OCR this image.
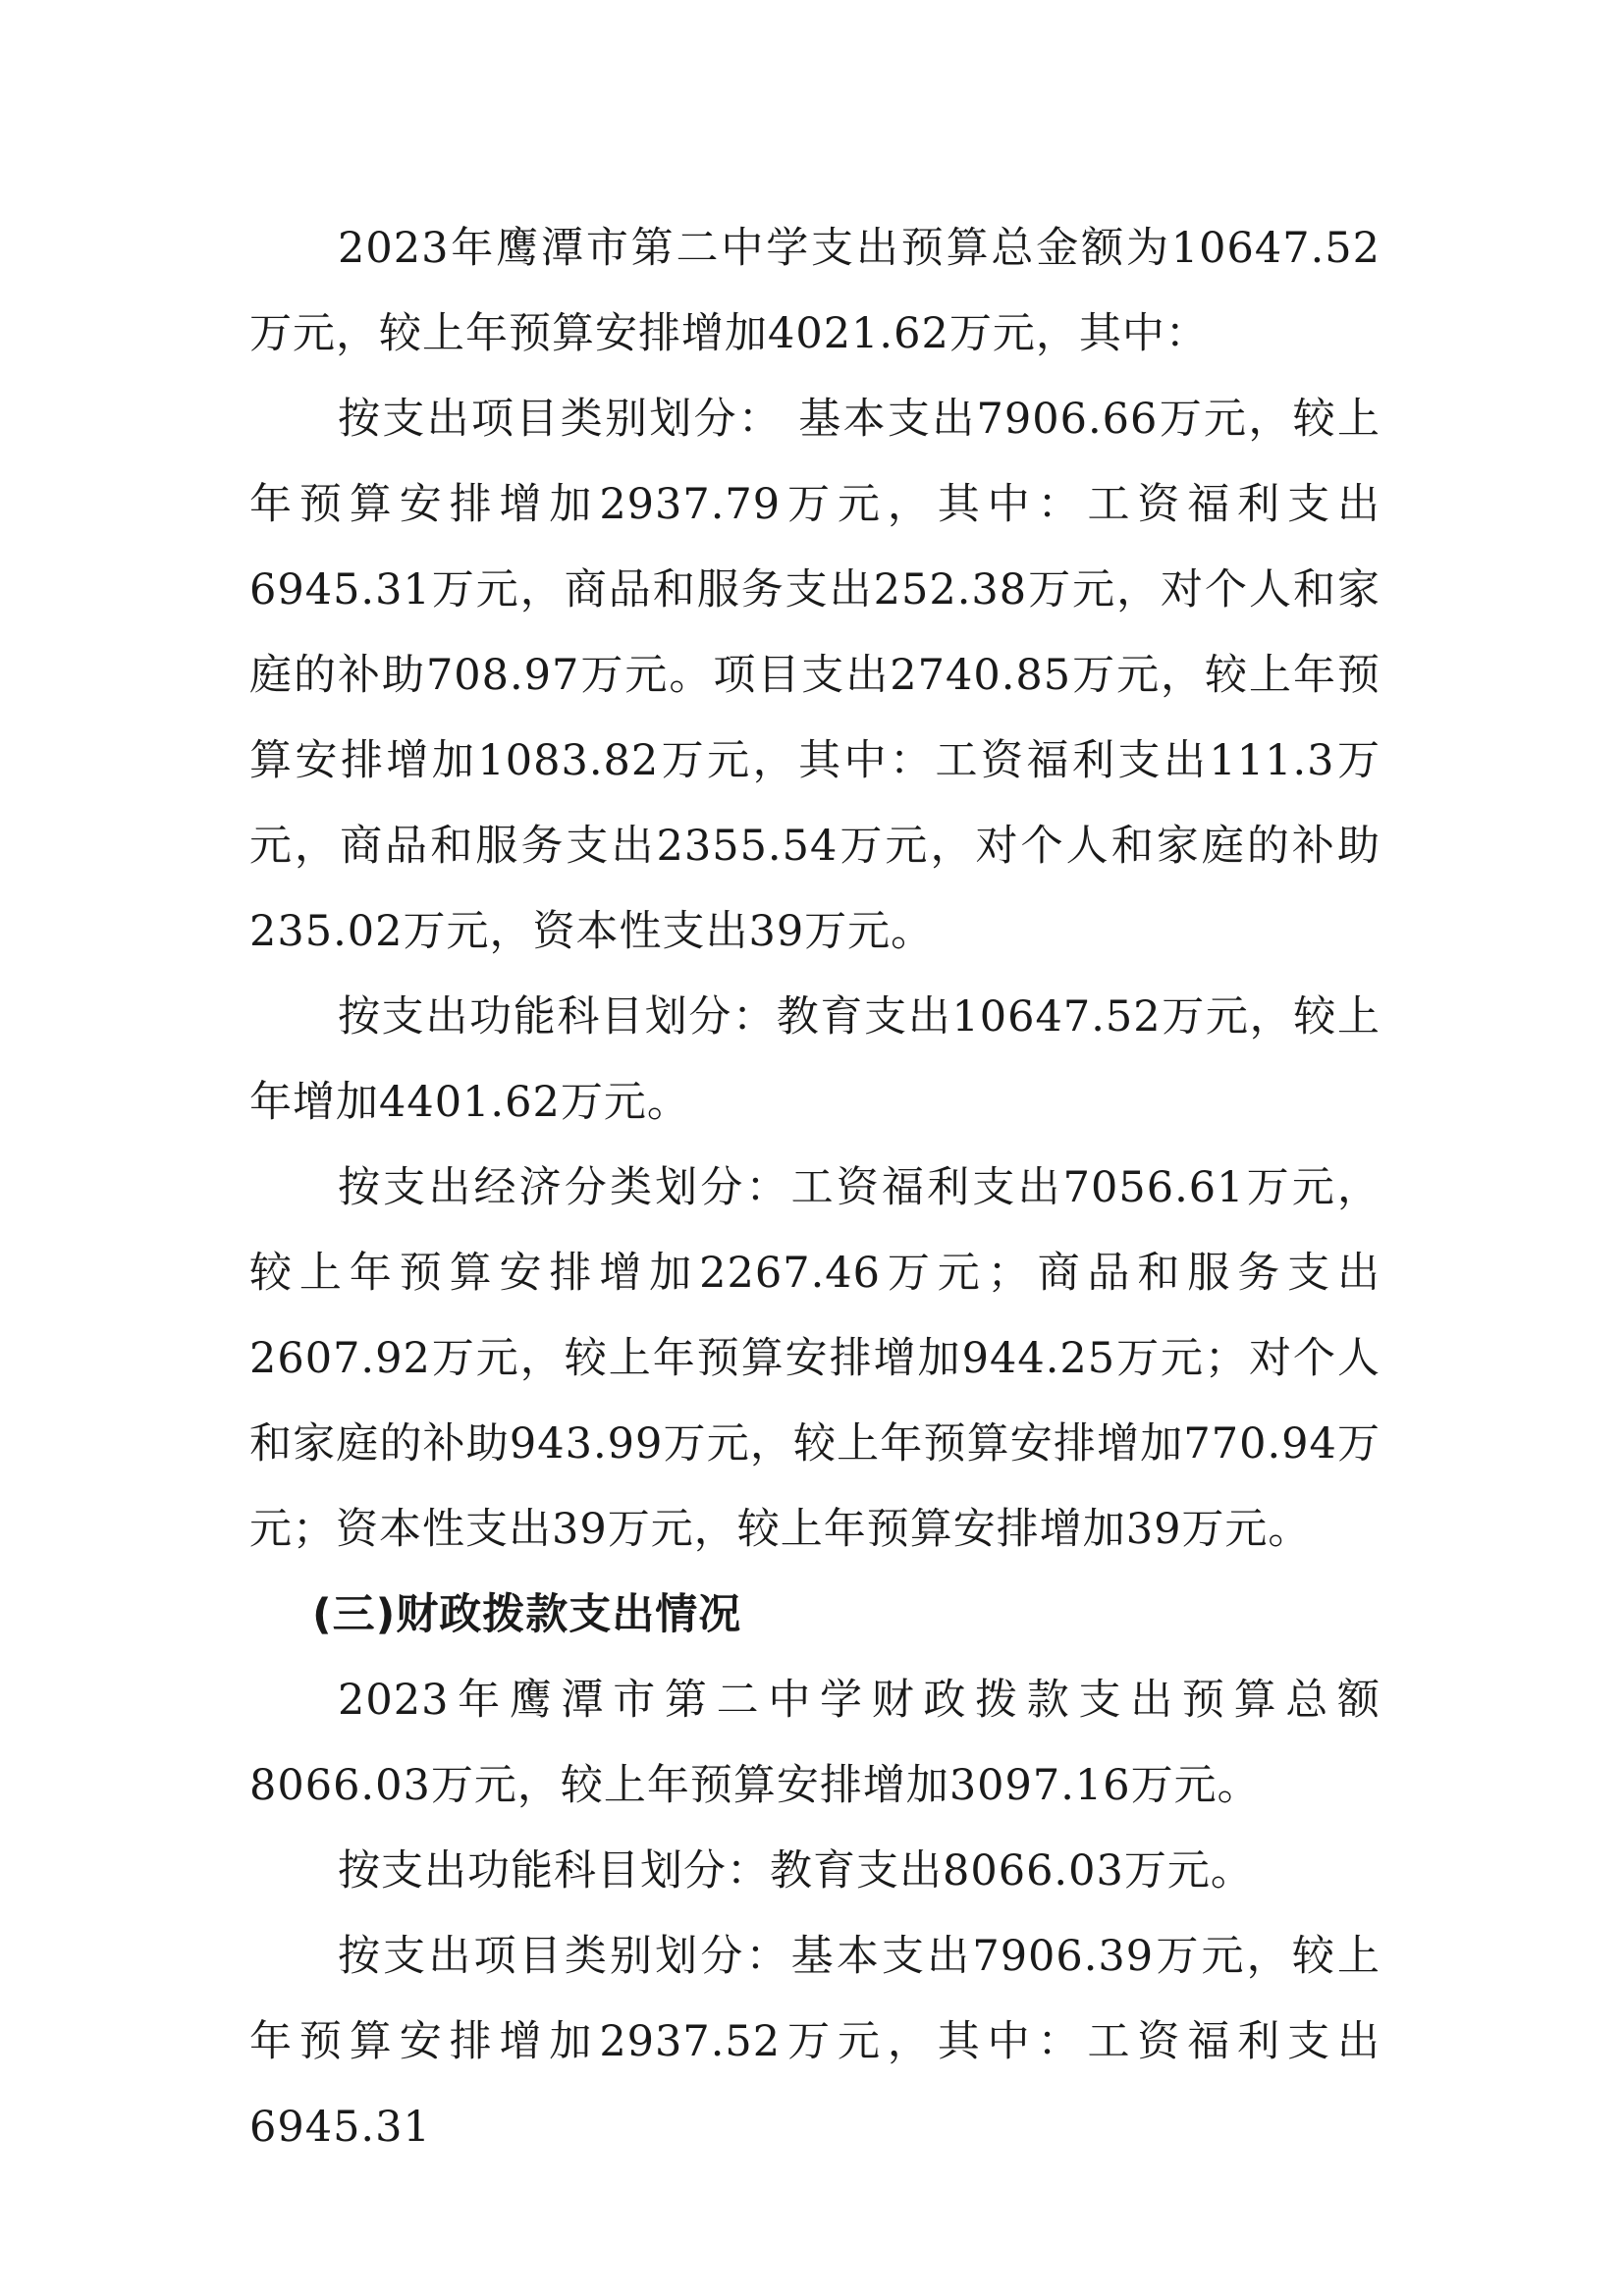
2023年鹰潭市第二中学支出预算总金额为10647.52万元，较上年预算安排增加4021.62万元，其中：

按支出项目类别划分： 基本支出7906.66万元，较上年预算安排增加2937.79万元，其中：工资福利支出6945.31万元，商品和服务支出252.38万元，对个人和家庭的补助708.97万元。项目支出2740.85万元，较上年预算安排增加1083.82万元，其中：工资福利支出111.3万元，商品和服务支出2355.54万元，对个人和家庭的补助235.02万元，资本性支出39万元。

按支出功能科目划分：教育支出10647.52万元，较上年增加4401.62万元。

按支出经济分类划分：工资福利支出7056.61万元，较上年预算安排增加2267.46万元；商品和服务支出2607.92万元，较上年预算安排增加944.25万元；对个人和家庭的补助943.99万元，较上年预算安排增加770.94万元；资本性支出39万元，较上年预算安排增加39万元。

(三)财政拨款支出情况

2023年鹰潭市第二中学财政拨款支出预算总额8066.03万元，较上年预算安排增加3097.16万元。

按支出功能科目划分：教育支出8066.03万元。

按支出项目类别划分：基本支出7906.39万元，较上年预算安排增加2937.52万元，其中：工资福利支出6945.31
